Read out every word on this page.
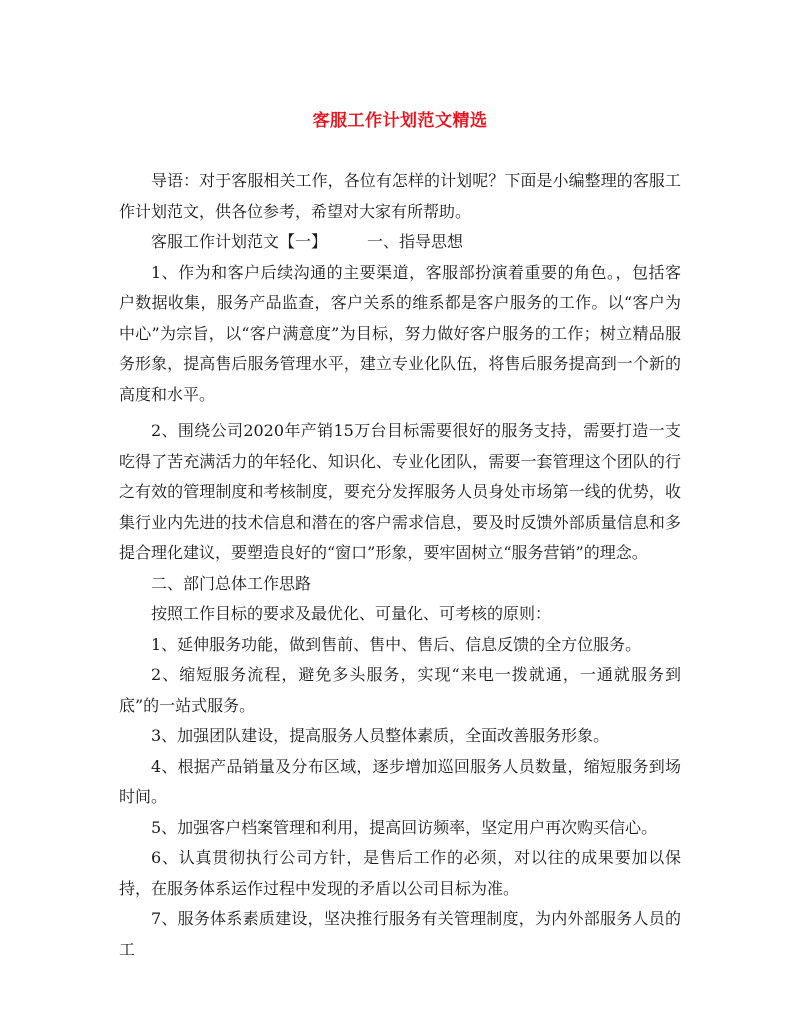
客服工作计划范文精选

导语：对于客服相关工作，各位有怎样的计划呢？下面是小编整理的客服工作计划范文，供各位参考，希望对大家有所帮助。

客服工作计划范文【一】	一、指导思想

1、作为和客户后续沟通的主要渠道，客服部扮演着重要的角色。，包括客户数据收集，服务产品监查，客户关系的维系都是客户服务的工作。以“客户为中心”为宗旨，以“客户满意度”为目标，努力做好客户服务的工作；树立精品服务形象，提高售后服务管理水平，建立专业化队伍，将售后服务提高到一个新的高度和水平。

2、围绕公司2020年产销15万台目标需要很好的服务支持，需要打造一支吃得了苦充满活力的年轻化、知识化、专业化团队，需要一套管理这个团队的行之有效的管理制度和考核制度，要充分发挥服务人员身处市场第一线的优势，收集行业内先进的技术信息和潜在的客户需求信息，要及时反馈外部质量信息和多提合理化建议，要塑造良好的“窗口”形象，要牢固树立“服务营销”的理念。

二、部门总体工作思路

按照工作目标的要求及最优化、可量化、可考核的原则：

1、延伸服务功能，做到售前、售中、售后、信息反馈的全方位服务。

2、缩短服务流程，避免多头服务，实现“来电一拨就通，一通就服务到底”的一站式服务。

3、加强团队建设，提高服务人员整体素质，全面改善服务形象。

4、根据产品销量及分布区域，逐步增加巡回服务人员数量，缩短服务到场时间。

5、加强客户档案管理和利用，提高回访频率，坚定用户再次购买信心。

6、认真贯彻执行公司方针，是售后工作的必须，对以往的成果要加以保持，在服务体系运作过程中发现的矛盾以公司目标为准。

7、服务体系素质建设，坚决推行服务有关管理制度，为内外部服务人员的工
